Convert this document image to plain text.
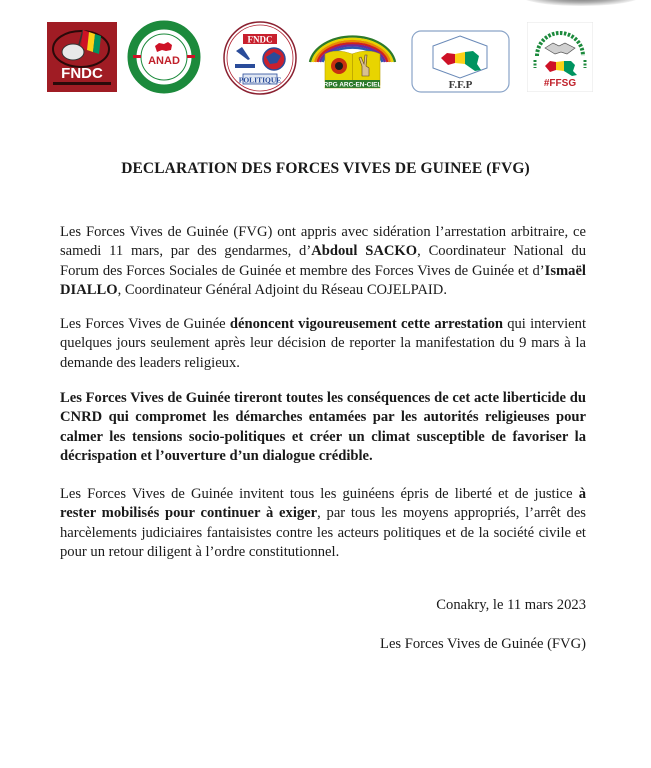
FNDC
ANAD
FNDC
POLITIQUE
RPG ARC-EN-CIEL	F.F.P	#FFSG
DECLARATION DES FORCES VIVES DE GUINEE (FVG)

Les Forces Vives de Guinée (FVG) ont appris avec sidération l’arrestation arbitraire, ce samedi 11 mars, par des gendarmes, d’Abdoul SACKO, Coordinateur National du Forum des Forces Sociales de Guinée et membre des Forces Vives de Guinée et d’Ismaël DIALLO, Coordinateur Général Adjoint du Réseau COJELPAID.

Les Forces Vives de Guinée dénoncent vigoureusement cette arrestation qui intervient quelques jours seulement après leur décision de reporter la manifestation du 9 mars à la demande des leaders religieux.

Les Forces Vives de Guinée tireront toutes les conséquences de cet acte liberticide du CNRD qui compromet les démarches entamées par les autorités religieuses pour calmer les tensions socio-politiques et créer un climat susceptible de favoriser la décrispation et l’ouverture d’un dialogue crédible.

Les Forces Vives de Guinée invitent tous les guinéens épris de liberté et de justice à rester mobilisés pour continuer à exiger, par tous les moyens appropriés, l’arrêt des harcèlements judiciaires fantaisistes contre les acteurs politiques et de la société civile et pour un retour diligent à l’ordre constitutionnel.

Conakry, le 11 mars 2023
Les Forces Vives de Guinée (FVG)
